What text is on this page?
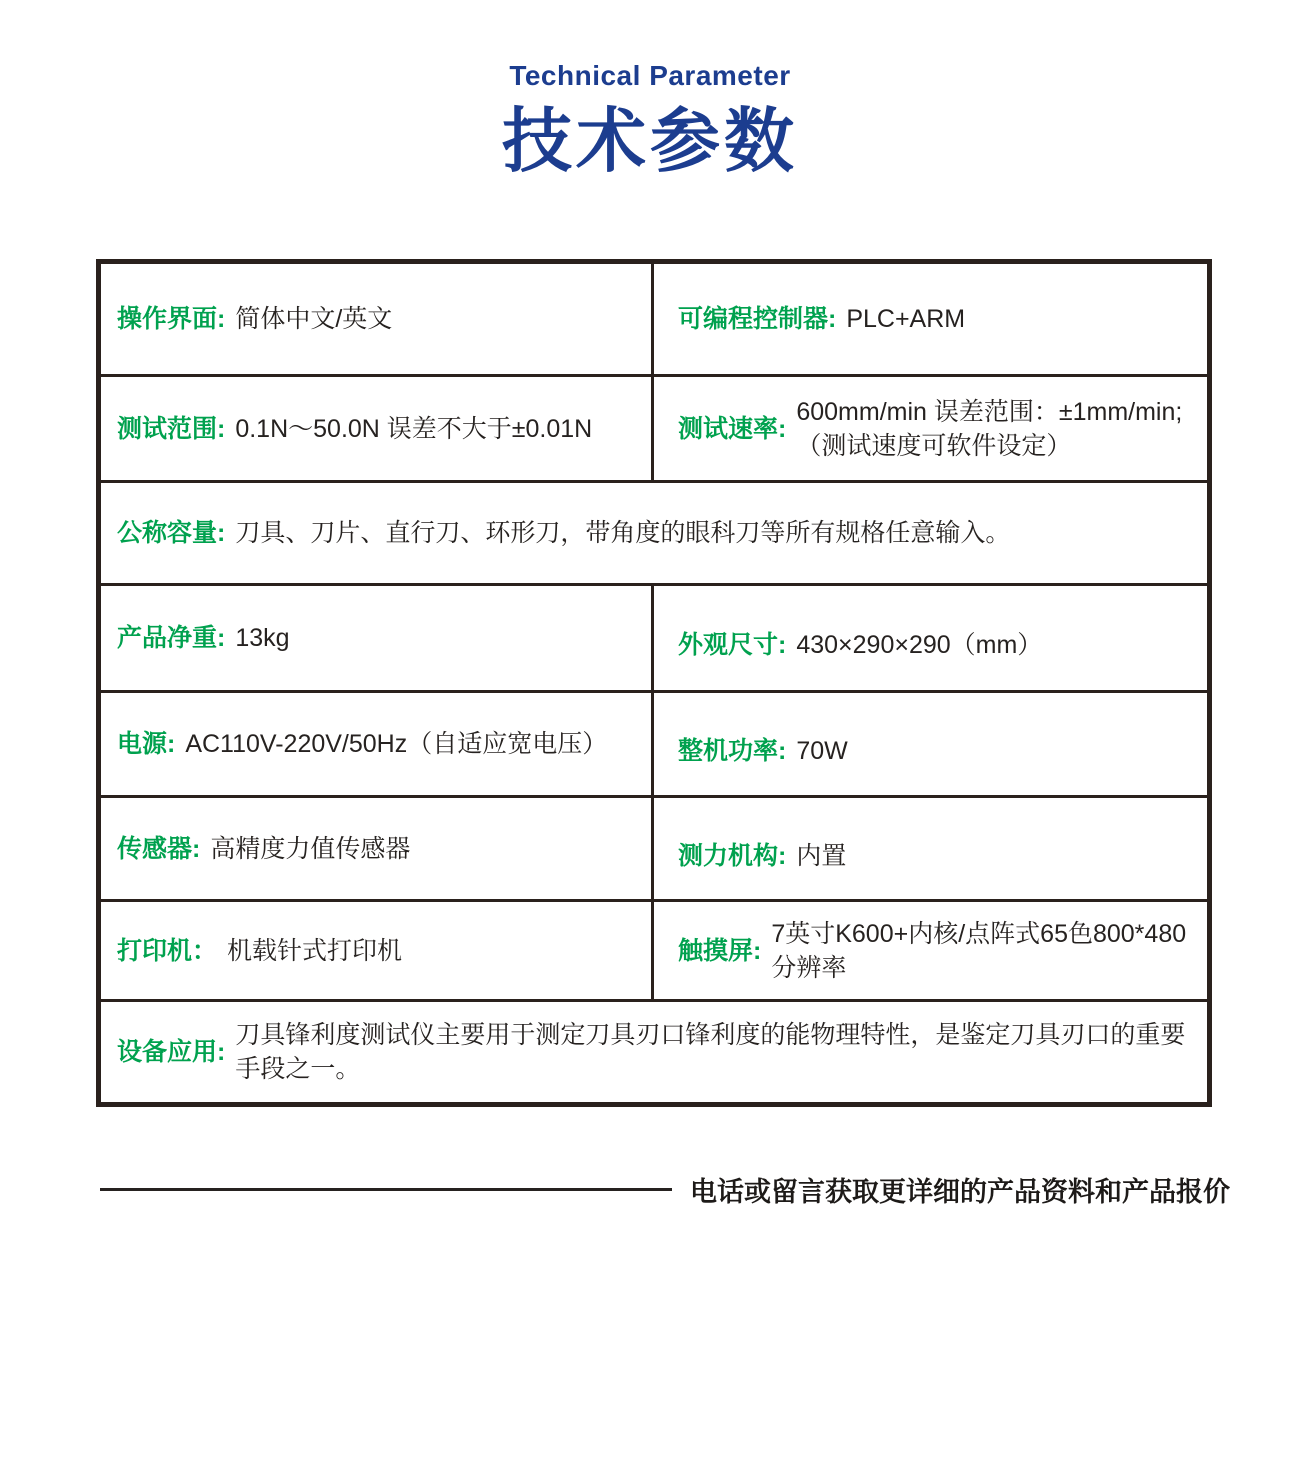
Technical Parameter
技术参数
操作界面: 简体中文/英文	可编程控制器: PLC+ARM
测试范围: 0.1N～50.0N 误差不大于±0.01N	测试速率:
600mm/min 误差范围：±1mm/min;
（测试速度可软件设定）
公称容量: 刀具、刀片、直行刀、环形刀，带角度的眼科刀等所有规格任意输入。
产品净重: 13kg	外观尺寸: 430×290×290（mm）
电源: AC110V-220V/50Hz（自适应宽电压）	整机功率: 70W
传感器: 高精度力值传感器	测力机构: 内置
打印机： 机载针式打印机	触摸屏:
7英寸K600+内核/点阵式65色800*480分辨率
设备应用:
刀具锋利度测试仪主要用于测定刀具刃口锋利度的能物理特性，是鉴定刀具刃口的重要手段之一。
电话或留言获取更详细的产品资料和产品报价
